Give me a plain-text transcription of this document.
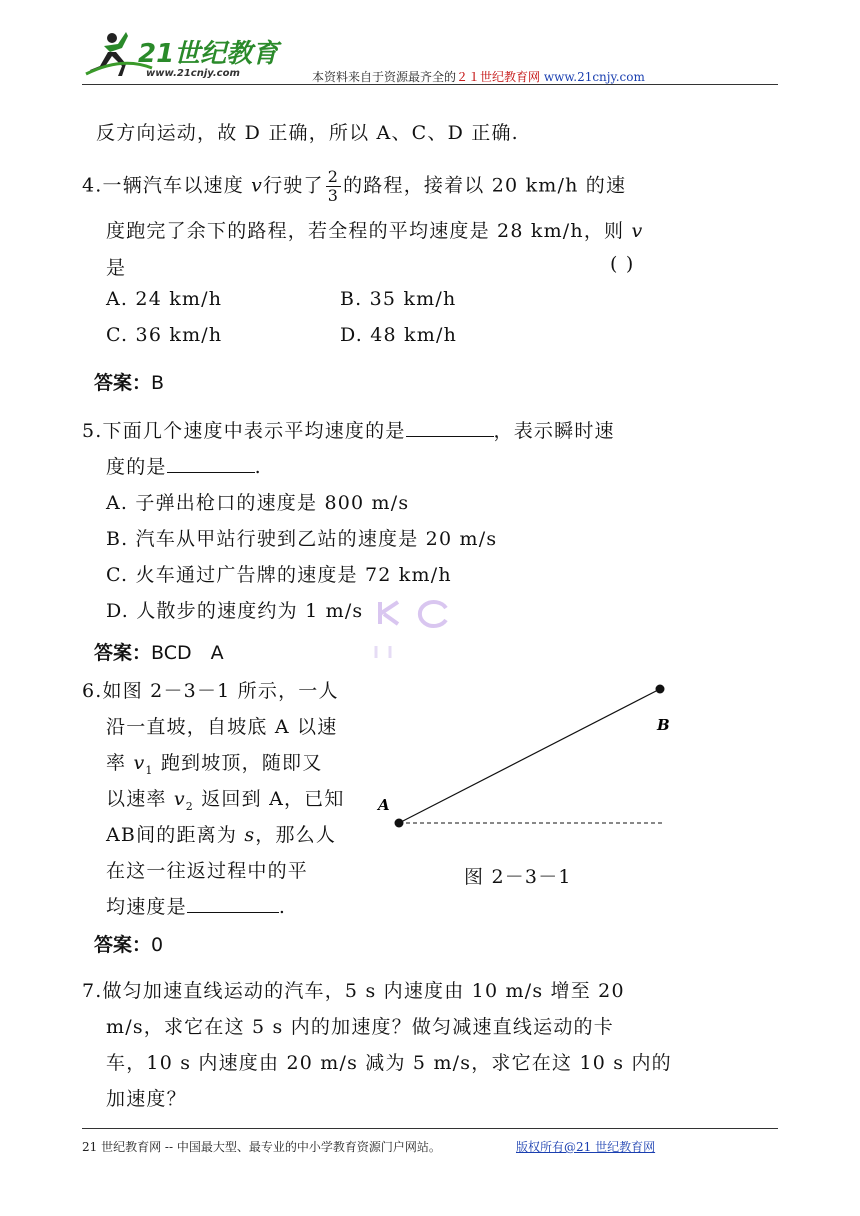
21世纪教育
www.21cnjy.com	本资料来自于资源最齐全的２１世纪教育网 www.21cnjy.com
反方向运动，故 D 正确，所以 A、C、D 正确.
4.一辆汽车以速度 v行驶了 $\frac{2}{3}$ 的路程，接着以 20 km/h 的速
度跑完了余下的路程，若全程的平均速度是 28 km/h，则 v
是	( )
A. 24 km/h	B. 35 km/h
C. 36 km/h	D. 48 km/h
答案：B
5.下面几个速度中表示平均速度的是	，表示瞬时速
度的是	.
A. 子弹出枪口的速度是 800 m/s
B. 汽车从甲站行驶到乙站的速度是 20 m/s
C. 火车通过广告牌的速度是 72 km/h
D. 人散步的速度约为 1 m/s
答案：BCD　A
6.如图 2－3－1 所示，一人
沿一直坡，自坡底 A 以速
率 $v_1$ 跑到坡顶，随即又
以速率 $v_2$ 返回到 A，已知
AB间的距离为 s，那么人
在这一往返过程中的平
均速度是	.
A
B
图 2－3－1
答案：0
7.做匀加速直线运动的汽车，5 s 内速度由 10 m/s 增至 20
m/s，求它在这 5 s 内的加速度？做匀减速直线运动的卡
车，10 s 内速度由 20 m/s 减为 5 m/s，求它在这 10 s 内的
加速度？
21 世纪教育网 -- 中国最大型、最专业的中小学教育资源门户网站。	版权所有@21 世纪教育网
